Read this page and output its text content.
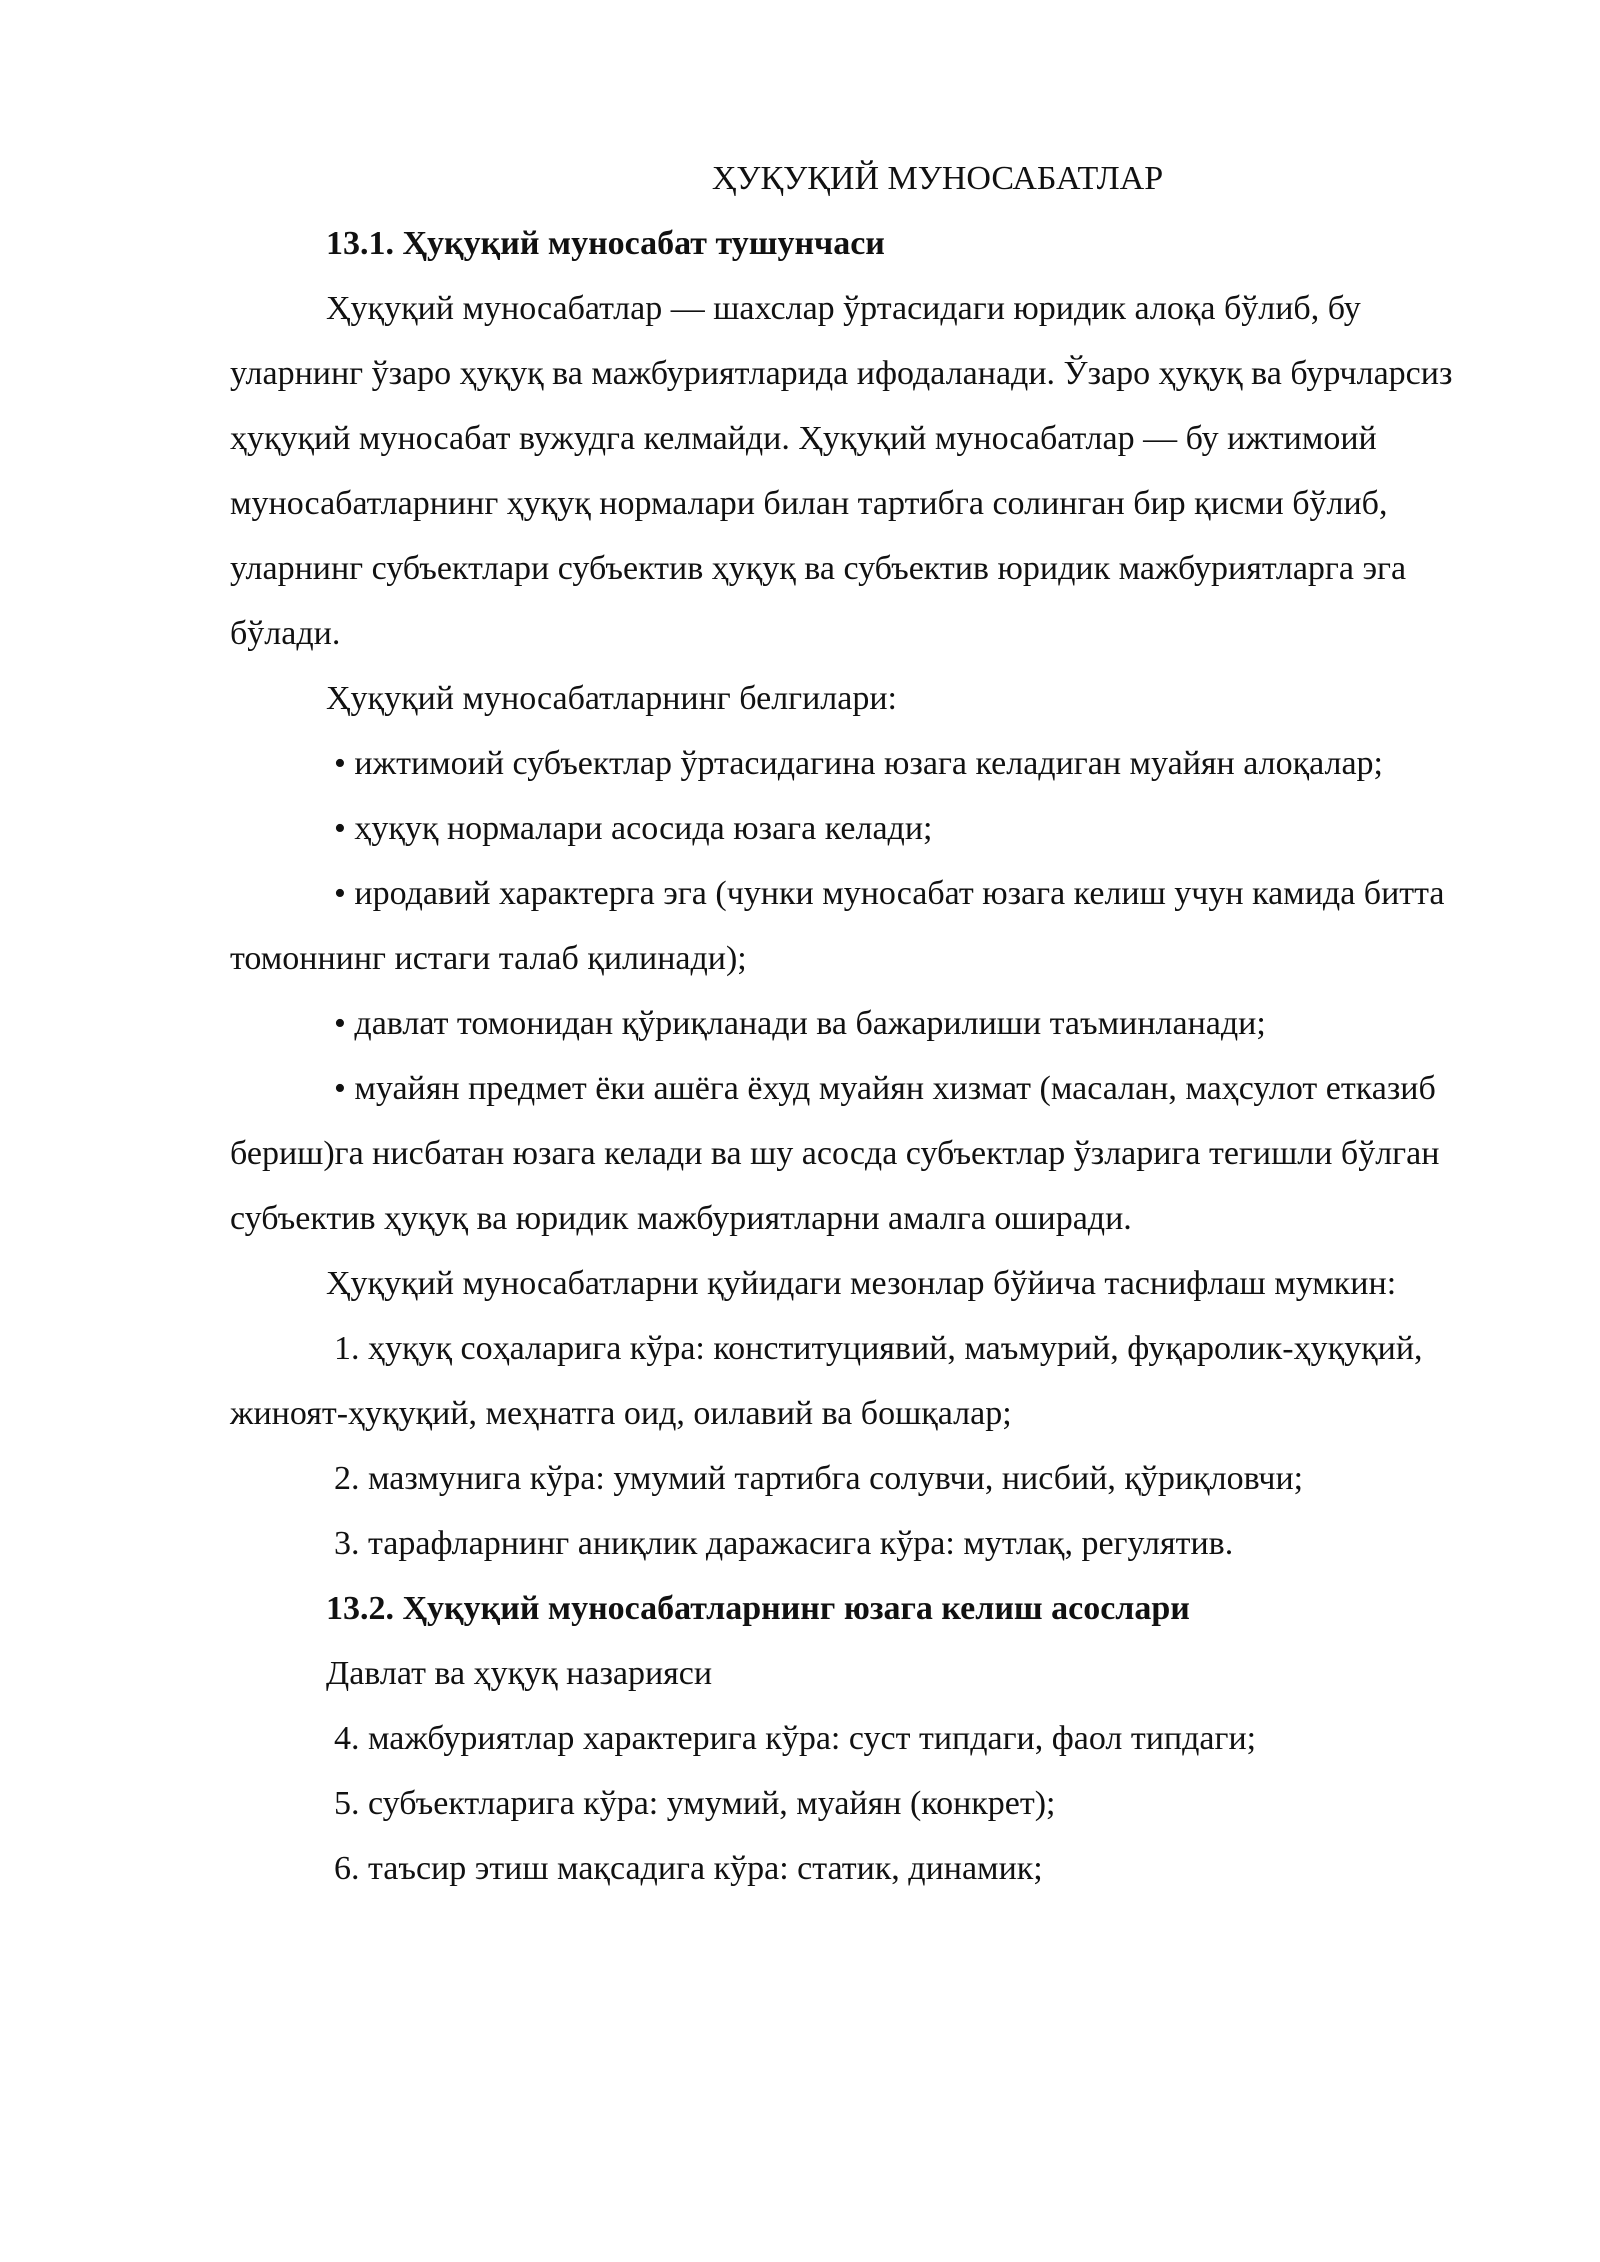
ҲУҚУҚИЙ МУНОСАБАТЛАР
13.1. Ҳуқуқий муносабат тушунчаси

Ҳуқуқий муносабатлар — шахслар ўртасидаги юридик алоқа бўлиб, бу уларнинг ўзаро ҳуқуқ ва мажбуриятларида ифодаланади. Ўзаро ҳуқуқ ва бурчларсиз ҳуқуқий муносабат вужудга келмайди. Ҳуқуқий муносабатлар — бу ижтимоий муносабатларнинг ҳуқуқ нормалари билан тартибга солинган бир қисми бўлиб, уларнинг субъектлари субъектив ҳуқуқ ва субъектив юридик мажбуриятларга эга бўлади.

Ҳуқуқий муносабатларнинг белгилари:

• ижтимоий субъектлар ўртасидагина юзага келадиган муайян алоқалар;

• ҳуқуқ нормалари асосида юзага келади;

• иродавий характерга эга (чунки муносабат юзага келиш учун камида битта томоннинг истаги талаб қилинади);

• давлат томонидан қўриқланади ва бажарилиши таъминланади;

• муайян предмет ёки ашёга ёхуд муайян хизмат (масалан, маҳсулот етказиб бериш)га нисбатан юзага келади ва шу асосда субъектлар ўзларига тегишли бўлган субъектив ҳуқуқ ва юридик мажбуриятларни амалга оширади.

Ҳуқуқий муносабатларни қуйидаги мезонлар бўйича таснифлаш мумкин:

1. ҳуқуқ соҳаларига кўра: конституциявий, маъмурий, фуқаролик-ҳуқуқий, жиноят-ҳуқуқий, меҳнатга оид, оилавий ва бошқалар;

2. мазмунига кўра: умумий тартибга солувчи, нисбий, қўриқловчи;

3. тарафларнинг аниқлик даражасига кўра: мутлақ, регулятив.

13.2. Ҳуқуқий муносабатларнинг юзага келиш асослари

Давлат ва ҳуқуқ назарияси

4. мажбуриятлар характерига кўра: суст типдаги, фаол типдаги;

5. субъектларига кўра: умумий, муайян (конкрет);

6. таъсир этиш мақсадига кўра: статик, динамик;
